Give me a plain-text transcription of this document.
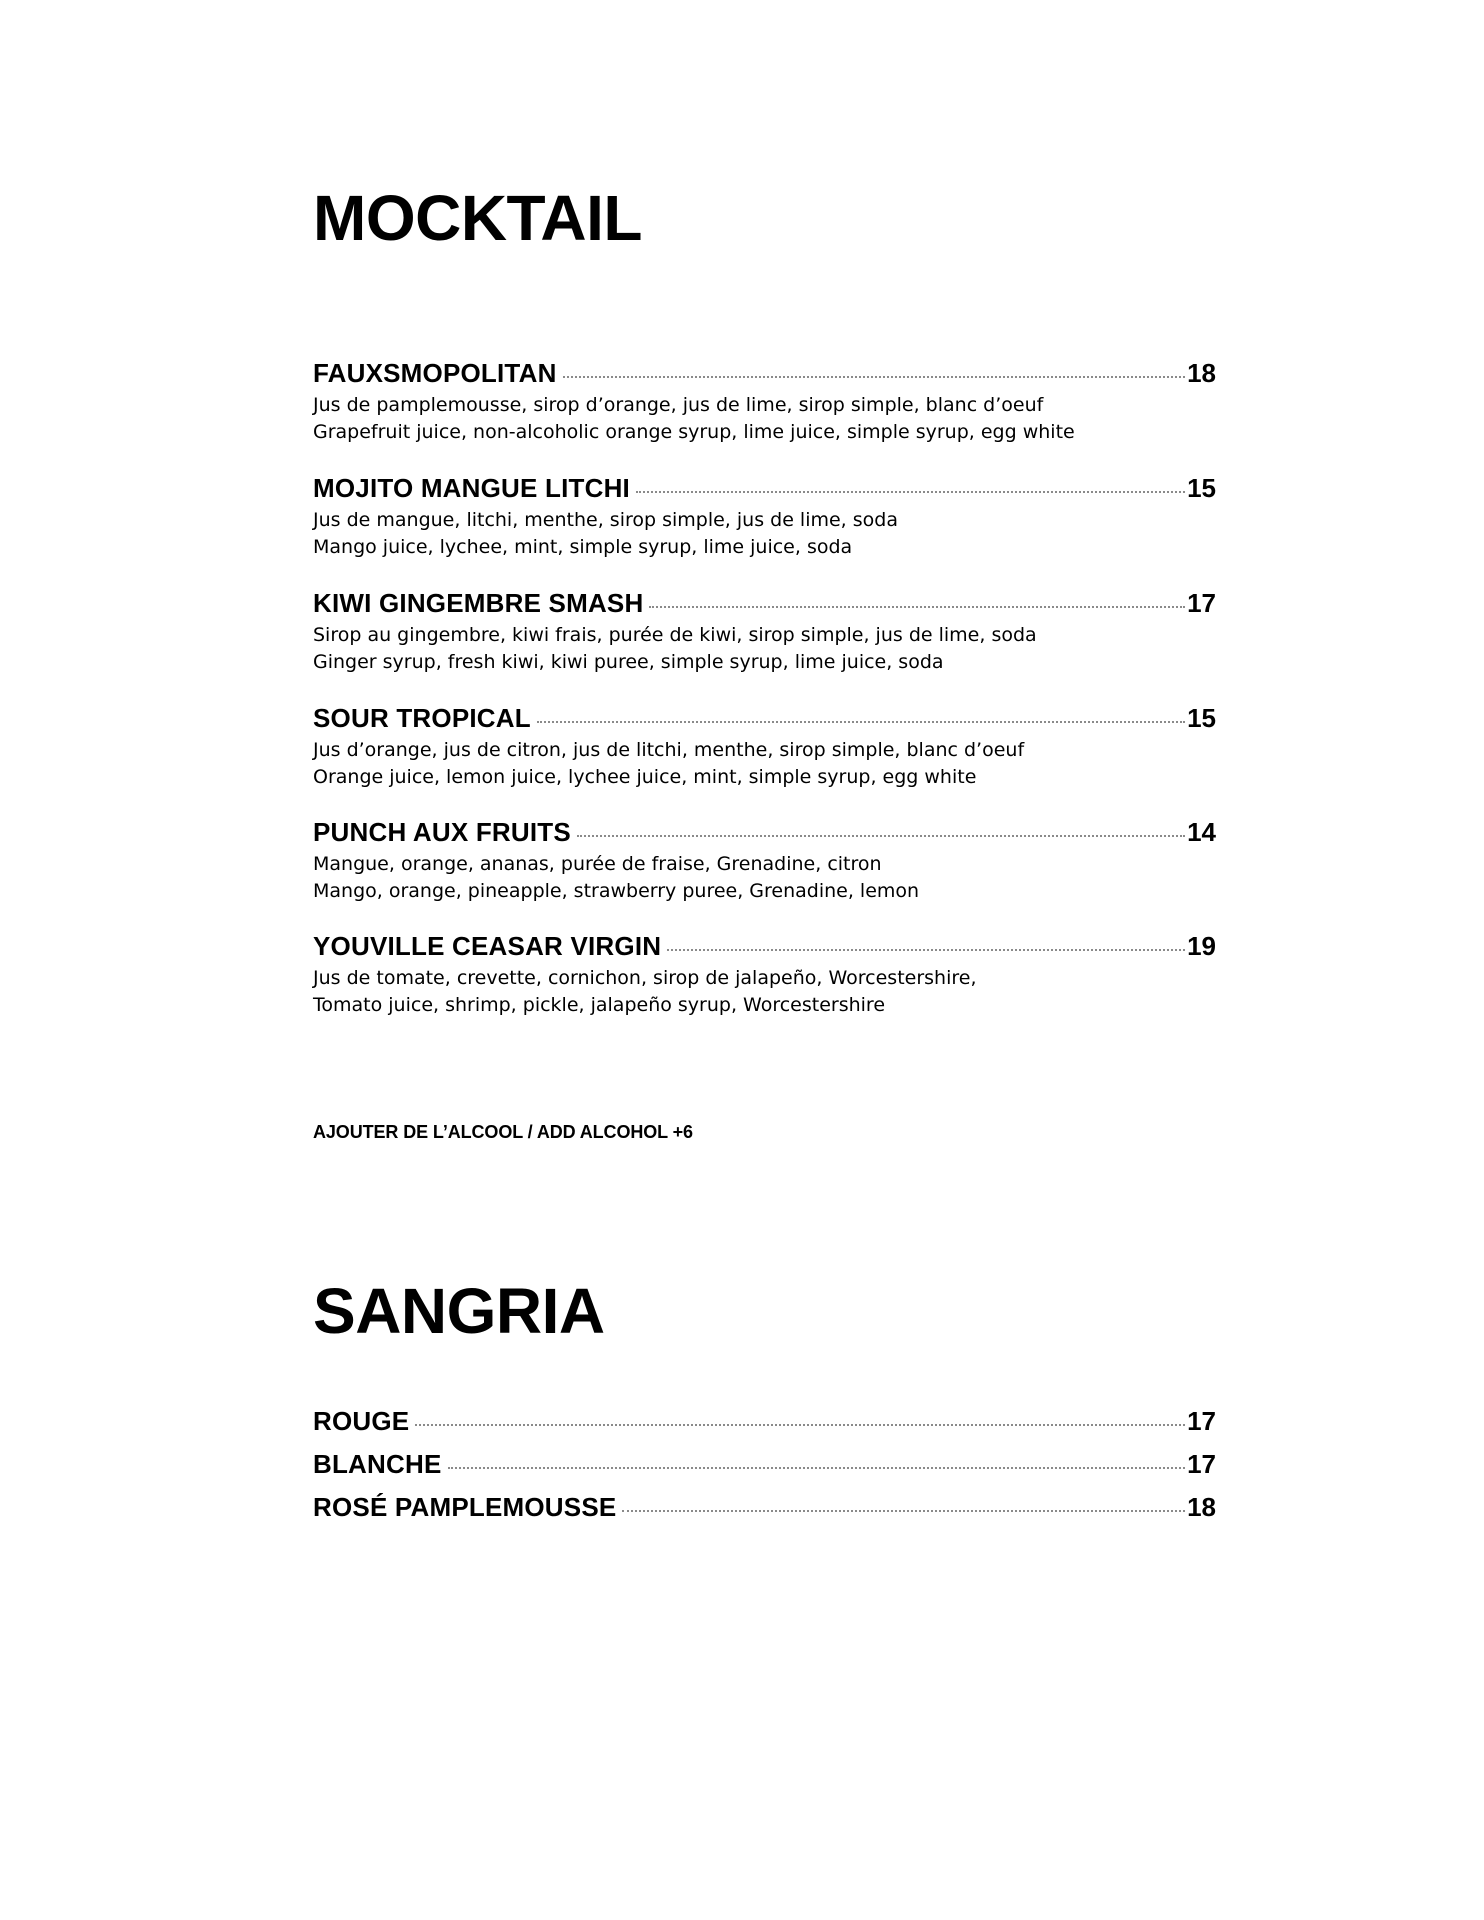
MOCKTAIL
FAUXSMOPOLITAN	18

Jus de pamplemousse, sirop d’orange, jus de lime, sirop simple, blanc d’oeuf

Grapefruit juice, non-alcoholic orange syrup, lime juice, simple syrup, egg white

MOJITO MANGUE LITCHI	15

Jus de mangue, litchi, menthe, sirop simple, jus de lime, soda

Mango juice, lychee, mint, simple syrup, lime juice, soda

KIWI GINGEMBRE SMASH	17

Sirop au gingembre, kiwi frais, purée de kiwi, sirop simple, jus de lime, soda

Ginger syrup, fresh kiwi, kiwi puree, simple syrup, lime juice, soda

SOUR TROPICAL	15

Jus d’orange, jus de citron, jus de litchi, menthe, sirop simple, blanc d’oeuf

Orange juice, lemon juice, lychee juice, mint, simple syrup, egg white

PUNCH AUX FRUITS	14

Mangue, orange, ananas, purée de fraise, Grenadine, citron

Mango, orange, pineapple, strawberry puree, Grenadine, lemon

YOUVILLE CEASAR VIRGIN	19

Jus de tomate, crevette, cornichon, sirop de jalapeño, Worcestershire,

Tomato juice, shrimp, pickle, jalapeño syrup, Worcestershire

AJOUTER DE L’ALCOOL / ADD ALCOHOL +6
SANGRIA
ROUGE	17
BLANCHE	17
ROSÉ PAMPLEMOUSSE	18
